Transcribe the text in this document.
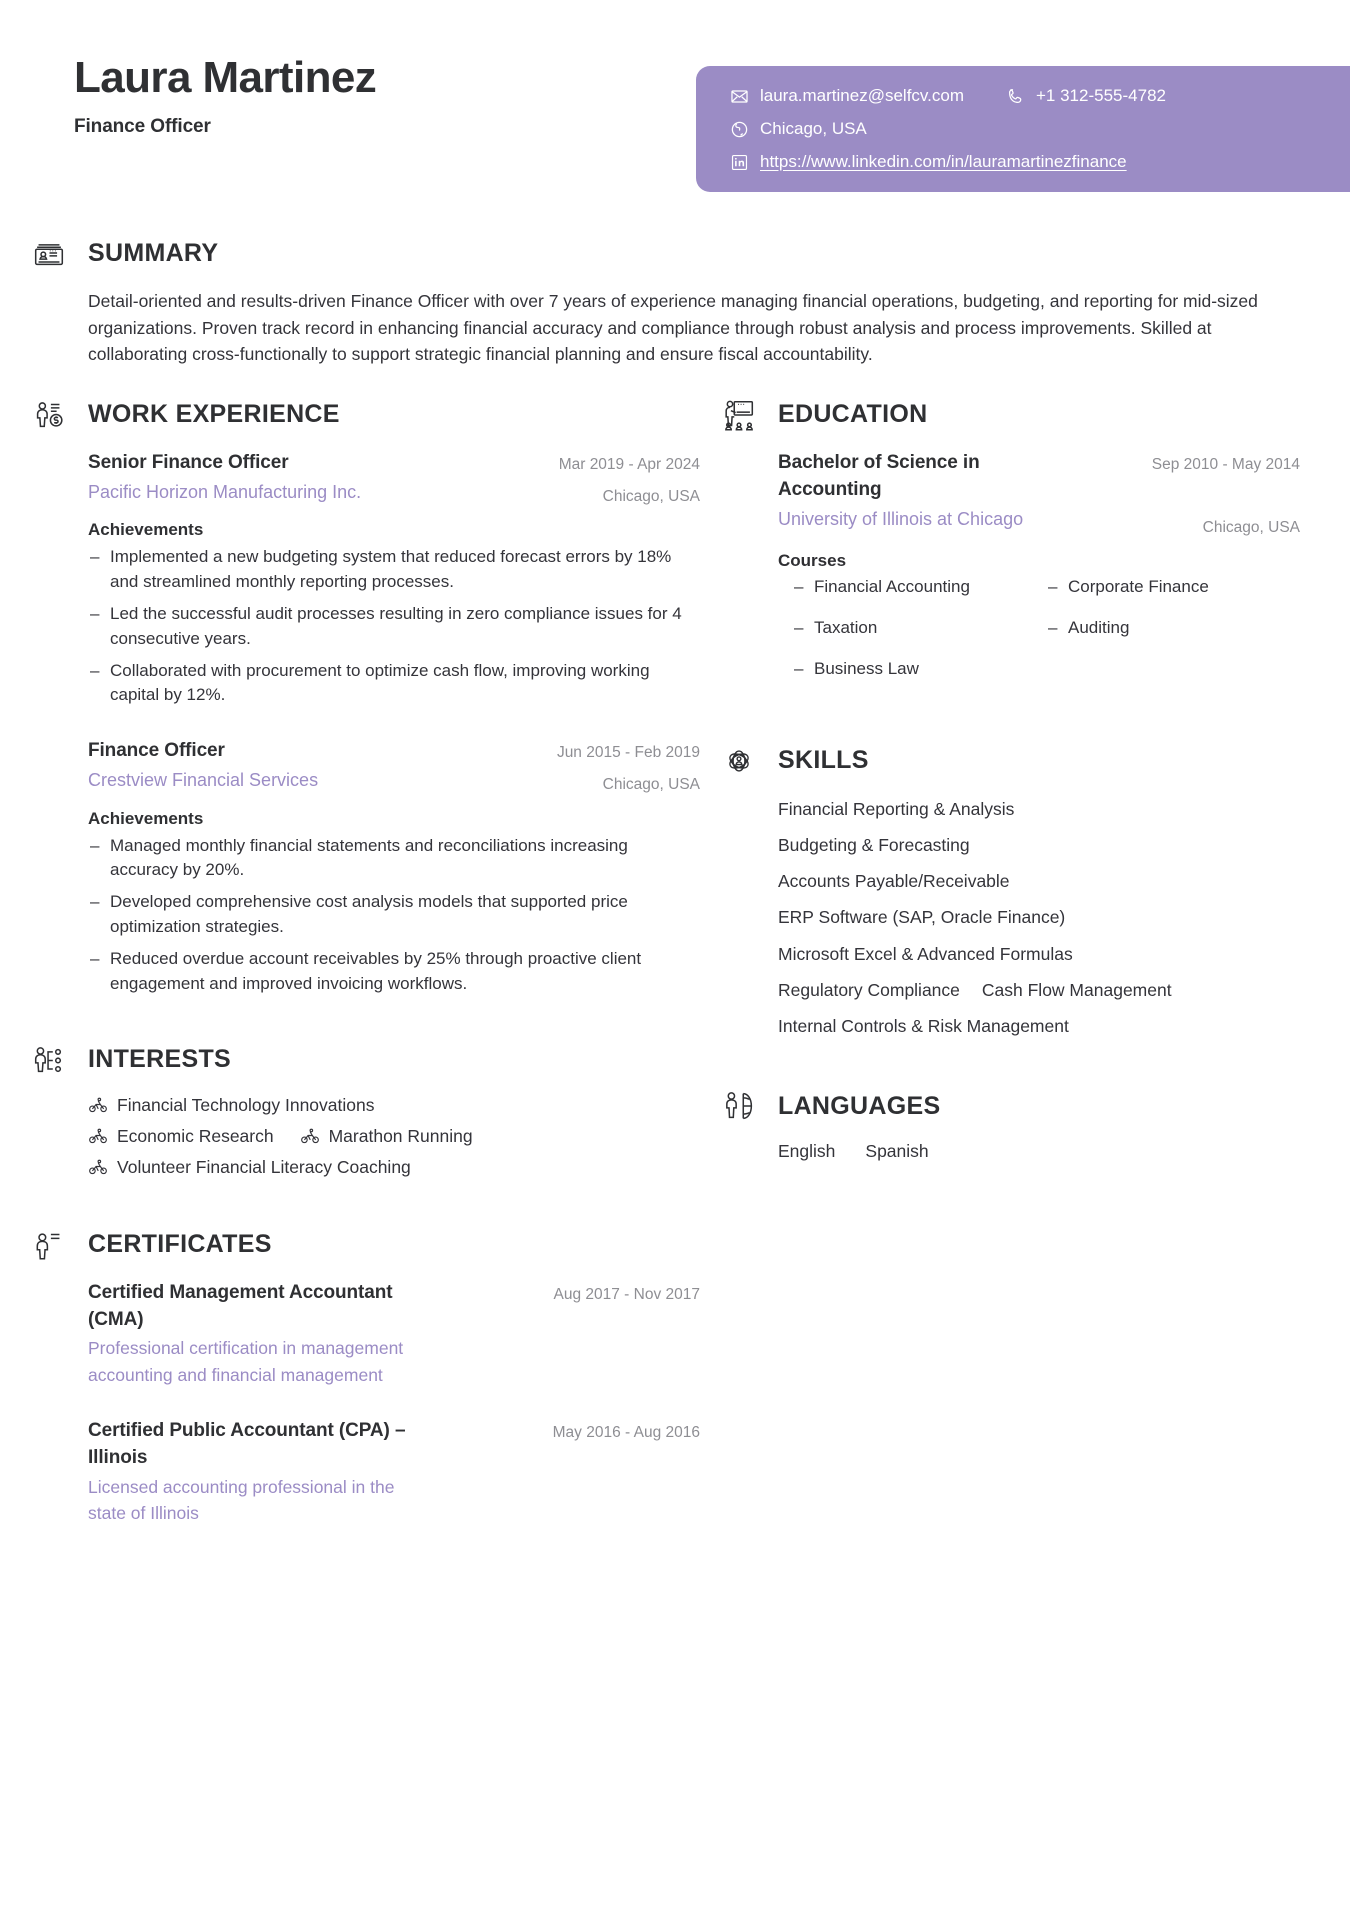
Laura Martinez
Finance Officer
laura.martinez@selfcv.com	+1 312-555-4782
Chicago, USA
https://www.linkedin.com/in/lauramartinezfinance
SUMMARY

Detail-oriented and results-driven Finance Officer with over 7 years of experience managing financial operations, budgeting, and reporting for mid-sized organizations. Proven track record in enhancing financial accuracy and compliance through robust analysis and process improvements. Skilled at collaborating cross-functionally to support strategic financial planning and ensure fiscal accountability.

WORK EXPERIENCE
Senior Finance Officer
Pacific Horizon Manufacturing Inc.
Mar 2019 - Apr 2024
Chicago, USA
Achievements
– Implemented a new budgeting system that reduced forecast errors by 18% and streamlined monthly reporting processes.
– Led the successful audit processes resulting in zero compliance issues for 4 consecutive years.
– Collaborated with procurement to optimize cash flow, improving working capital by 12%.
Finance Officer
Crestview Financial Services
Jun 2015 - Feb 2019
Chicago, USA
Achievements
– Managed monthly financial statements and reconciliations increasing accuracy by 20%.
– Developed comprehensive cost analysis models that supported price optimization strategies.
– Reduced overdue account receivables by 25% through proactive client engagement and improved invoicing workflows.
INTERESTS
Financial Technology Innovations
Economic Research	Marathon Running
Volunteer Financial Literacy Coaching
CERTIFICATES
Certified Management Accountant (CMA)
Professional certification in management accounting and financial management
Aug 2017 - Nov 2017
Certified Public Accountant (CPA) – Illinois
Licensed accounting professional in the state of Illinois
May 2016 - Aug 2016
EDUCATION
Bachelor of Science in Accounting
University of Illinois at Chicago
Sep 2010 - May 2014
Chicago, USA
Courses
– Financial Accounting	– Corporate Finance
– Taxation	– Auditing
– Business Law
SKILLS
Financial Reporting & Analysis
Budgeting & Forecasting
Accounts Payable/Receivable
ERP Software (SAP, Oracle Finance)
Microsoft Excel & Advanced Formulas
Regulatory Compliance Cash Flow Management
Internal Controls & Risk Management
LANGUAGES
English Spanish
